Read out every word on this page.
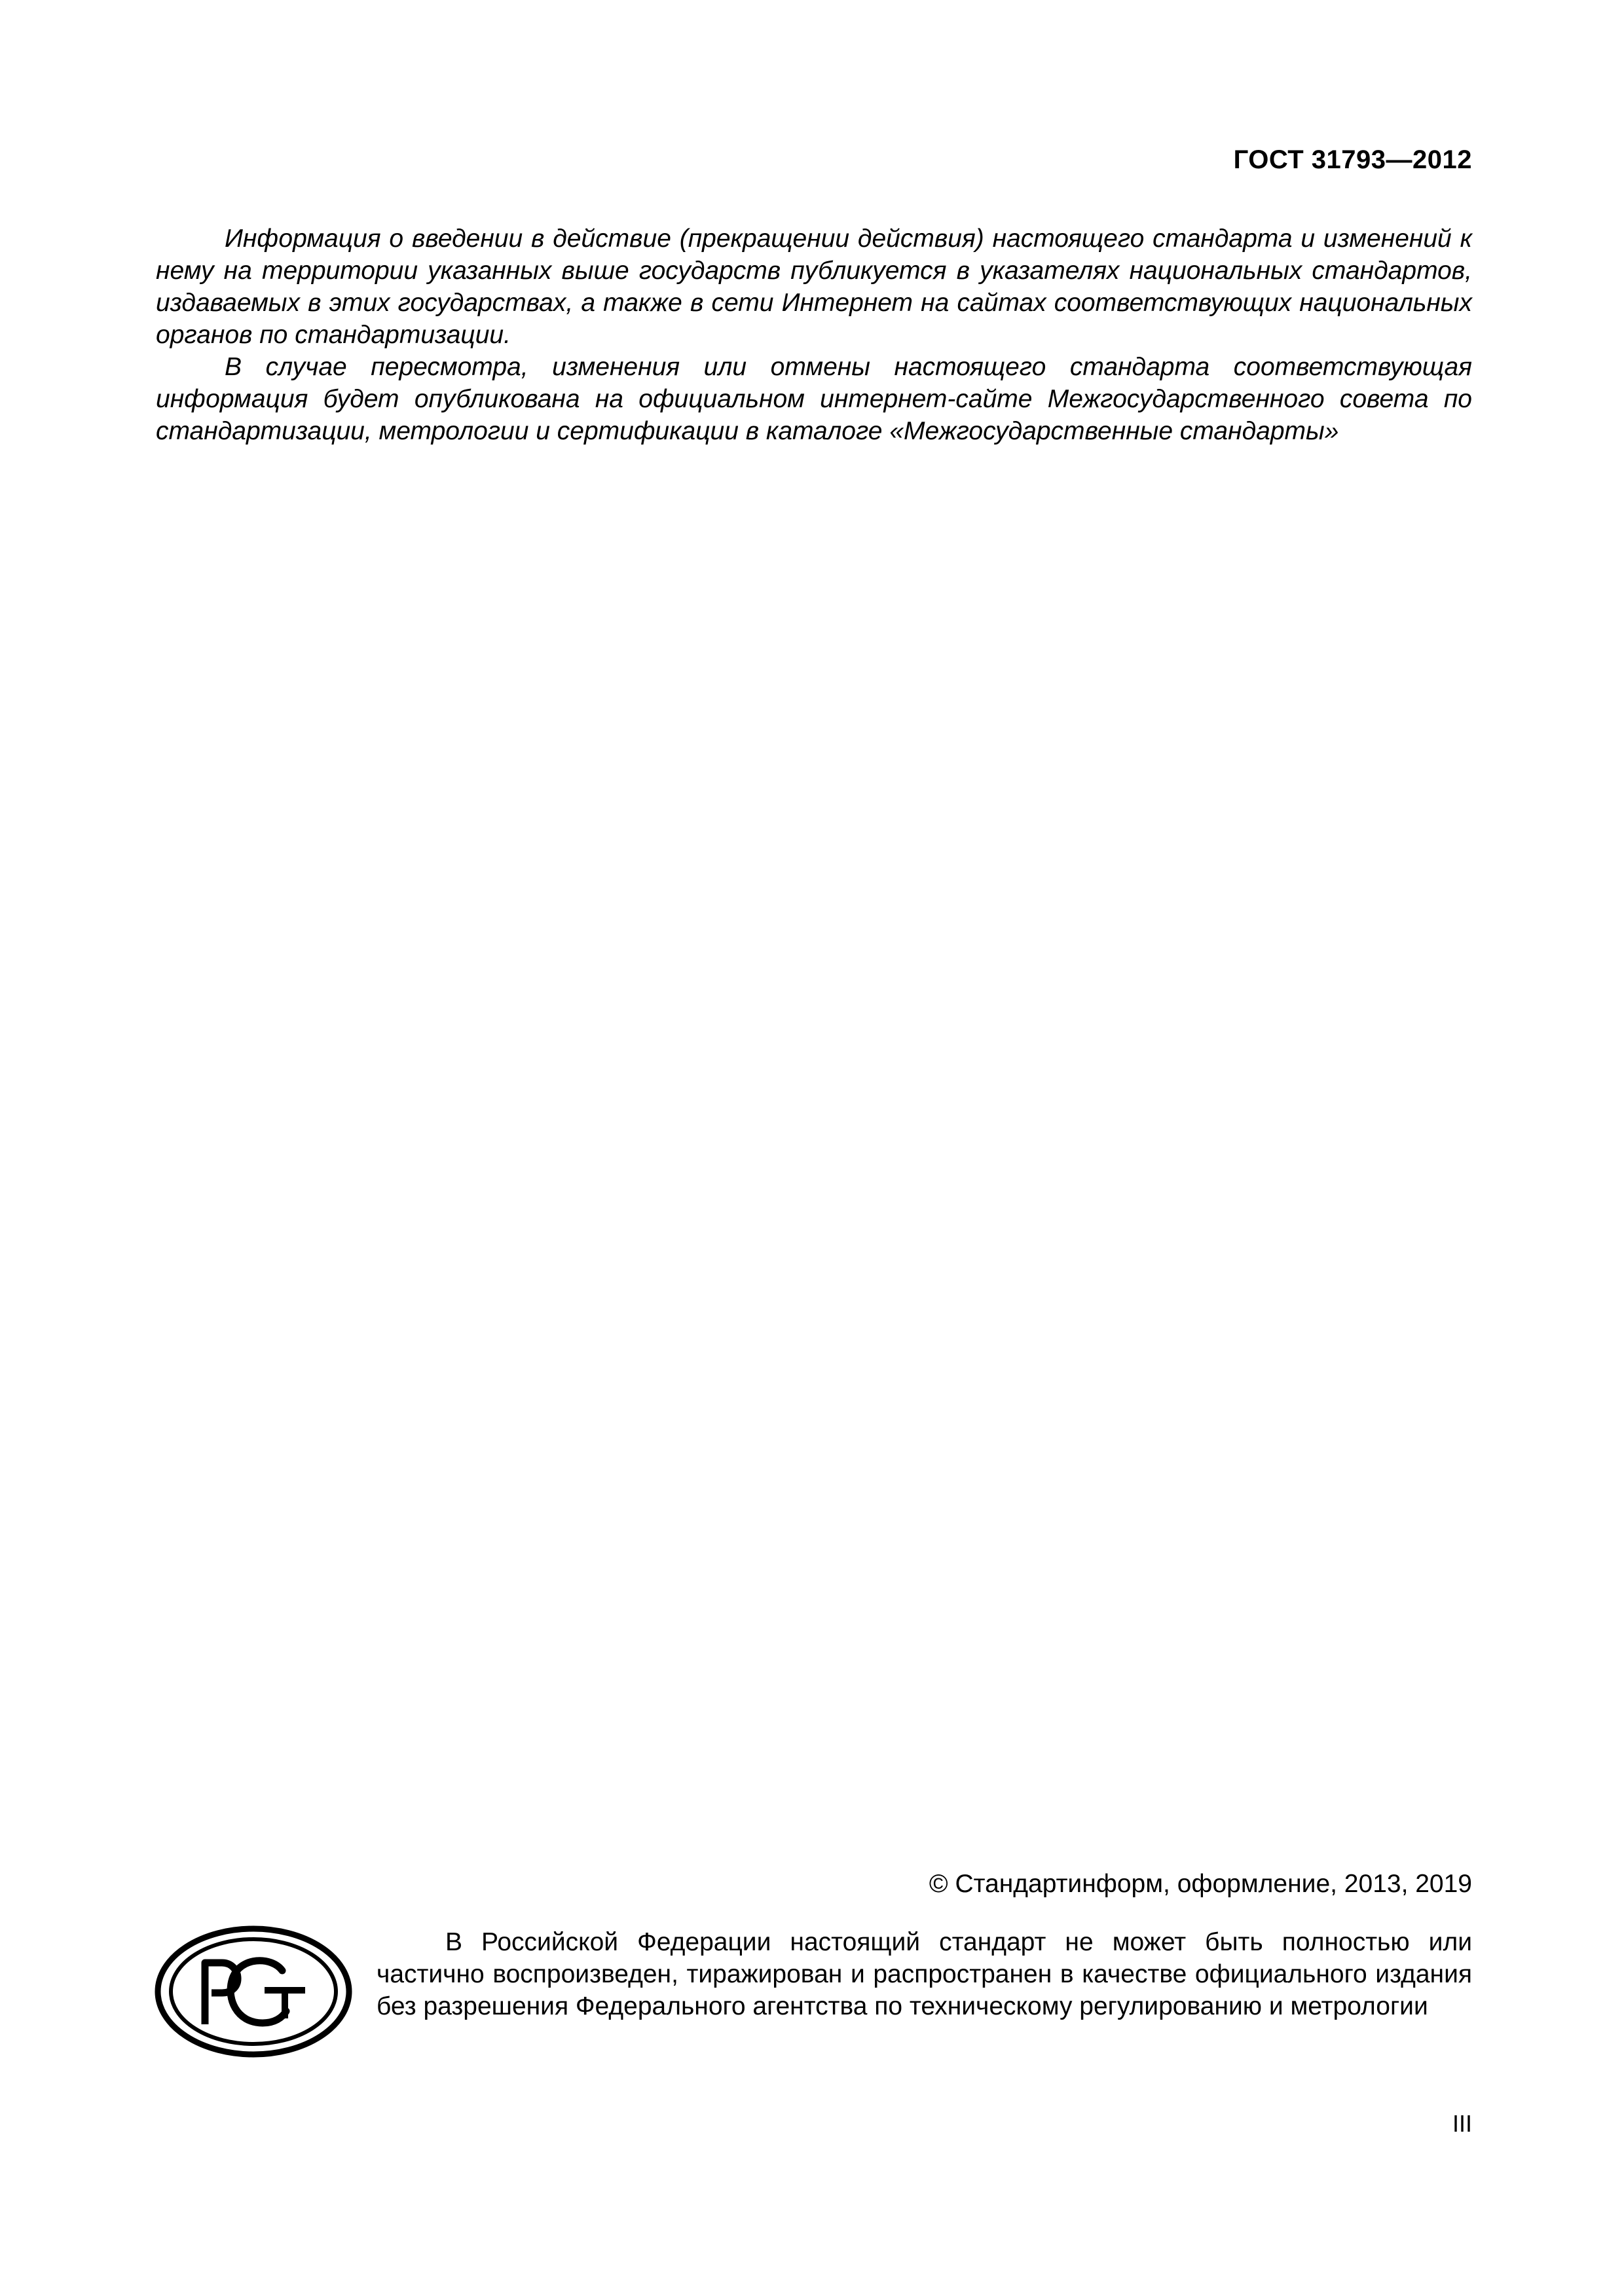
ГОСТ 31793—2012

Информация о введении в действие (прекращении действия) настоящего стандарта и изменений к нему на территории указанных выше государств публикуется в указателях национальных стандартов, издаваемых в этих государствах, а также в сети Интернет на сайтах соответствующих национальных органов по стандартизации.

В случае пересмотра, изменения или отмены настоящего стандарта соответствующая информация будет опубликована на официальном интернет-сайте Межгосударственного совета по стандартизации, метрологии и сертификации в каталоге «Межгосударственные стандарты»

© Стандартинформ, оформление, 2013, 2019

В Российской Федерации настоящий стандарт не может быть полностью или частично воспроизведен, тиражирован и распространен в качестве официального издания без разрешения Федерального агентства по техническому регулированию и метрологии

III
